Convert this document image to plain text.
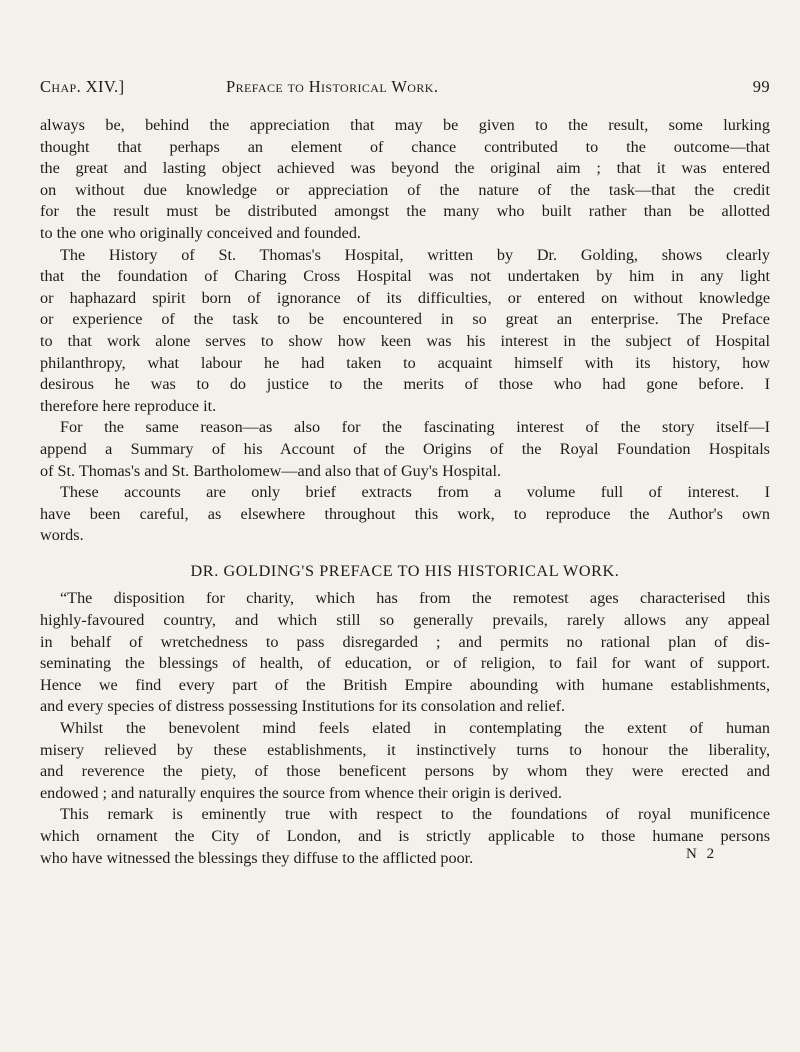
Chap. XIV.]	Preface to Historical Work.	99
always be, behind the appreciation that may be given to the result, some lurking
thought that perhaps an element of chance contributed to the outcome—that
the great and lasting object achieved was beyond the original aim ; that it was entered
on without due knowledge or appreciation of the nature of the task—that the credit
for the result must be distributed amongst the many who built rather than be allotted
to the one who originally conceived and founded.
The History of St. Thomas's Hospital, written by Dr. Golding, shows clearly
that the foundation of Charing Cross Hospital was not undertaken by him in any light
or haphazard spirit born of ignorance of its difficulties, or entered on without knowledge
or experience of the task to be encountered in so great an enterprise. The Preface
to that work alone serves to show how keen was his interest in the subject of Hospital
philanthropy, what labour he had taken to acquaint himself with its history, how
desirous he was to do justice to the merits of those who had gone before. I
therefore here reproduce it.
For the same reason—as also for the fascinating interest of the story itself—I
append a Summary of his Account of the Origins of the Royal Foundation Hospitals
of St. Thomas's and St. Bartholomew—and also that of Guy's Hospital.
These accounts are only brief extracts from a volume full of interest. I
have been careful, as elsewhere throughout this work, to reproduce the Author's own
words.
DR. GOLDING'S PREFACE TO HIS HISTORICAL WORK.
“The disposition for charity, which has from the remotest ages characterised this
highly-favoured country, and which still so generally prevails, rarely allows any appeal
in behalf of wretchedness to pass disregarded ; and permits no rational plan of dis-
seminating the blessings of health, of education, or of religion, to fail for want of support.
Hence we find every part of the British Empire abounding with humane establishments,
and every species of distress possessing Institutions for its consolation and relief.
Whilst the benevolent mind feels elated in contemplating the extent of human
misery relieved by these establishments, it instinctively turns to honour the liberality,
and reverence the piety, of those beneficent persons by whom they were erected and
endowed ; and naturally enquires the source from whence their origin is derived.
This remark is eminently true with respect to the foundations of royal munificence
which ornament the City of London, and is strictly applicable to those humane persons
who have witnessed the blessings they diffuse to the afflicted poor.	N 2
